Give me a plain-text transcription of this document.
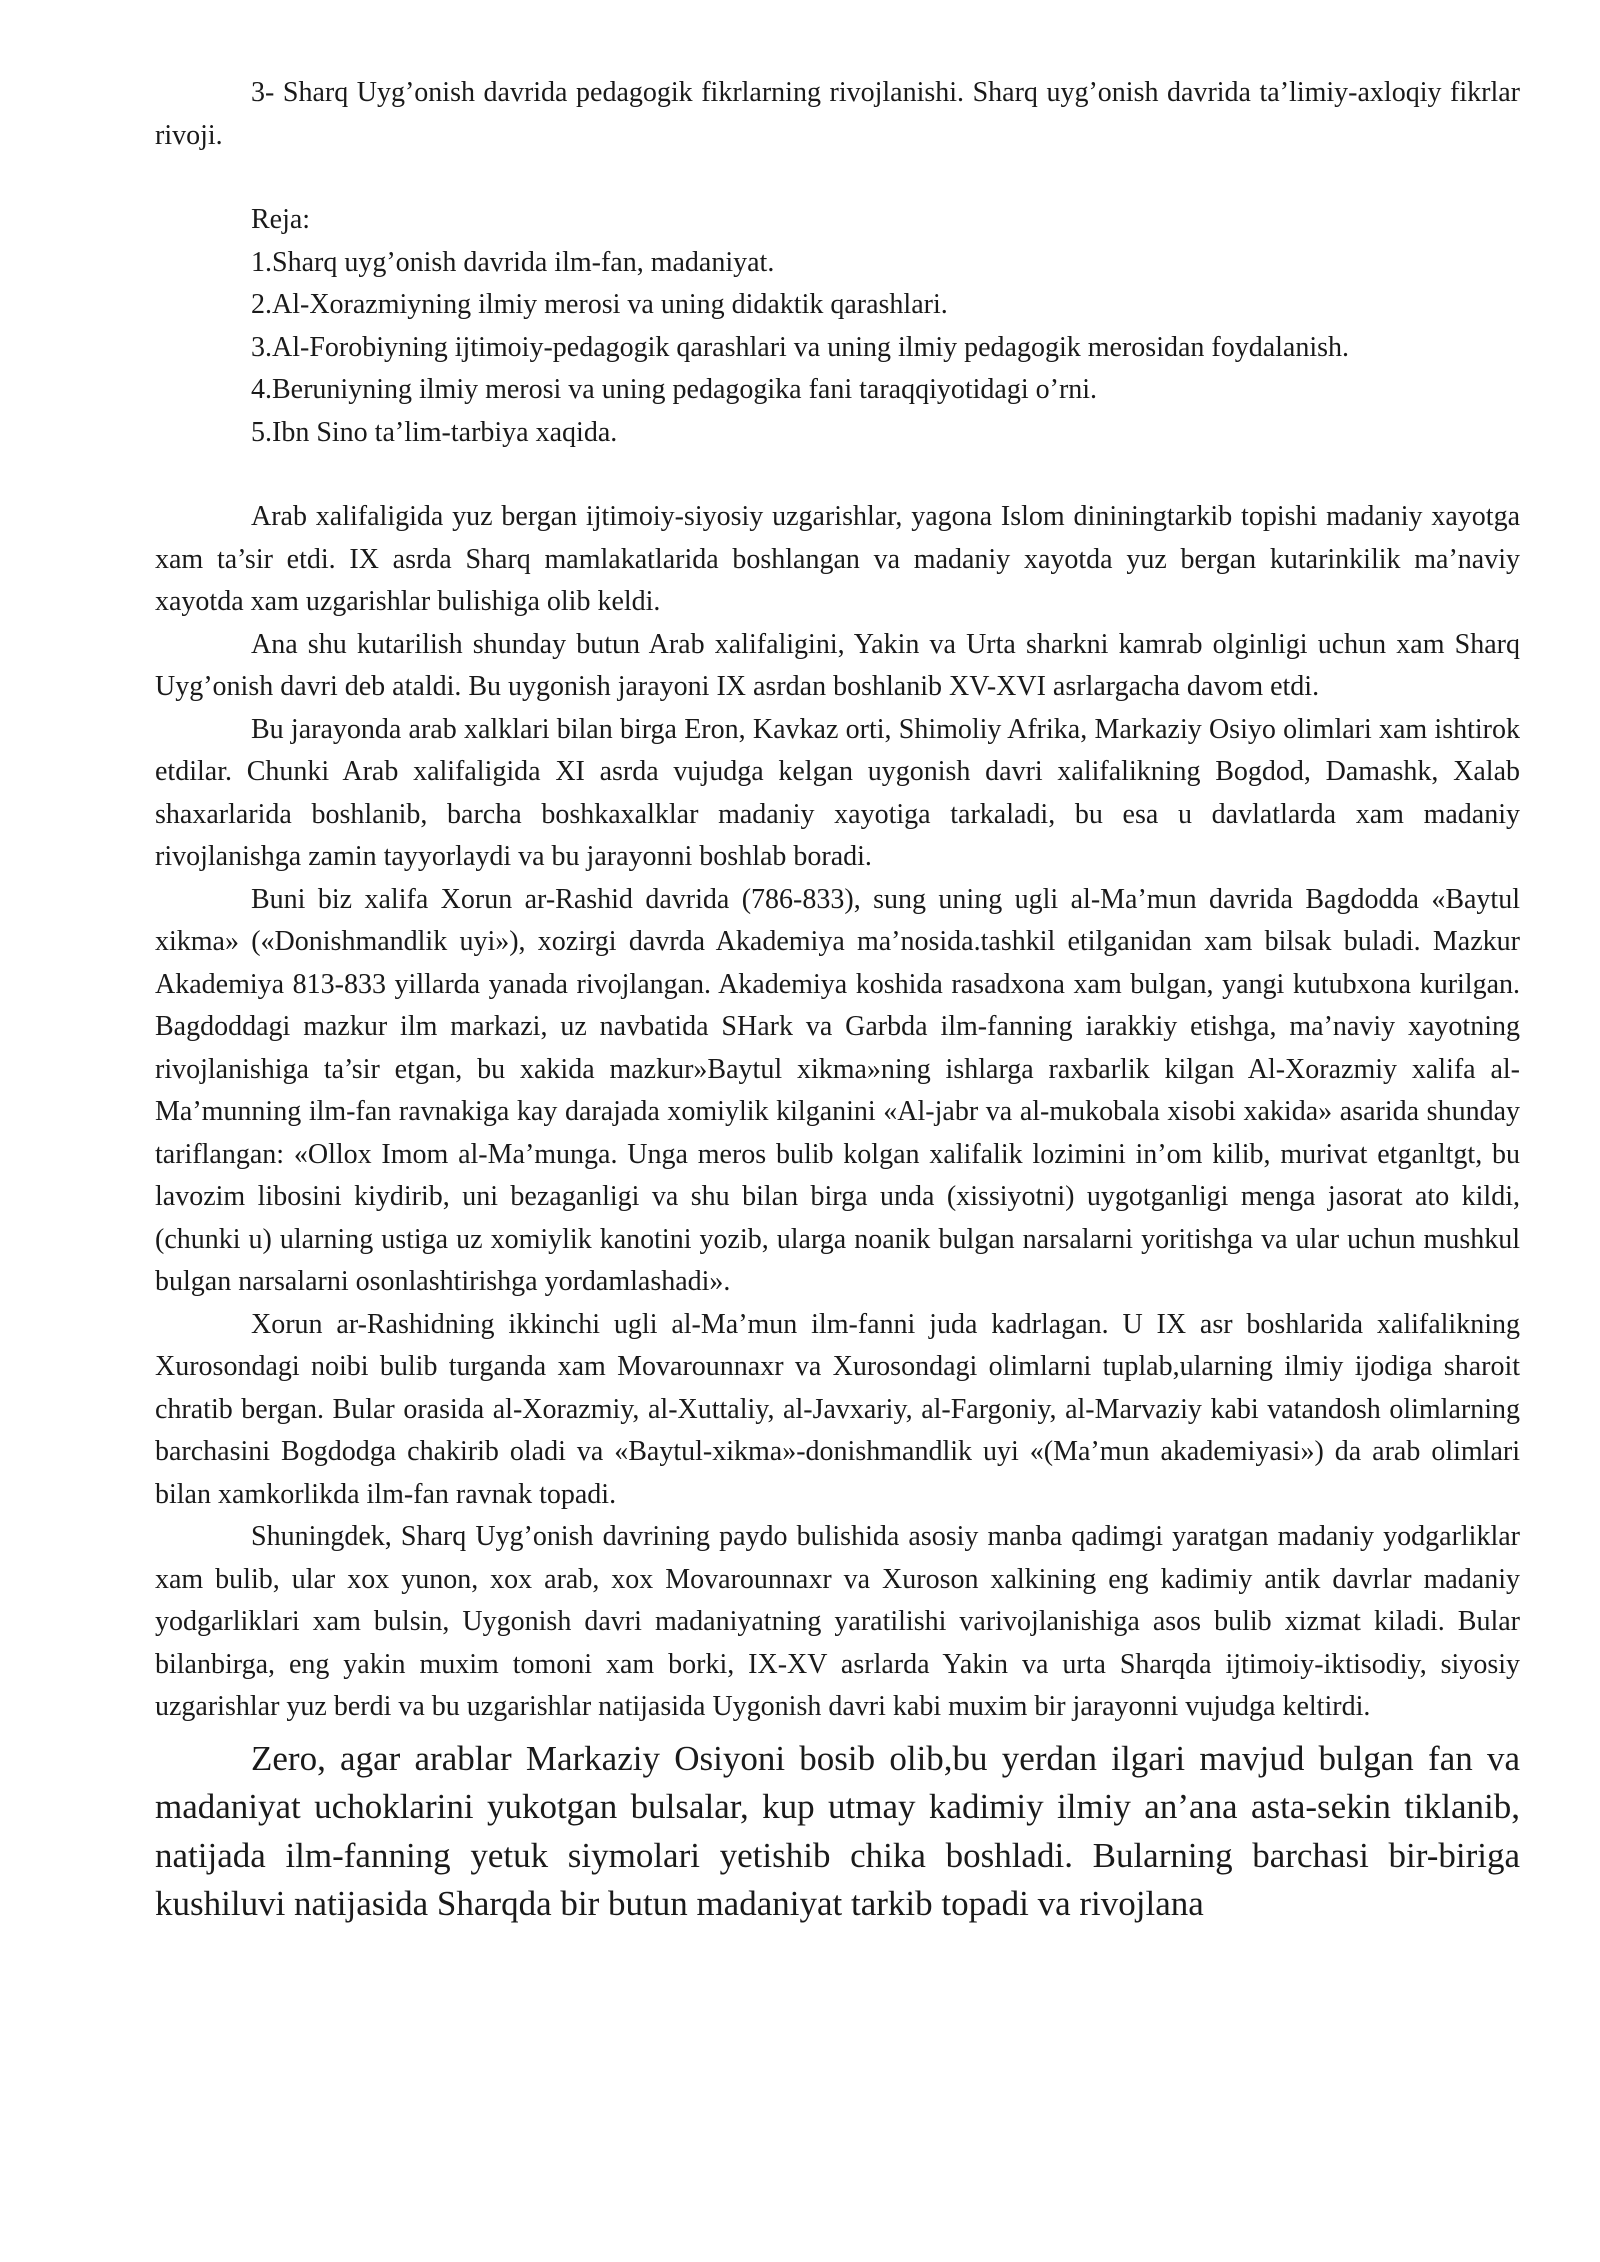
3- Sharq Uyg’onish davrida pedagogik fikrlarning rivojlanishi. Sharq uyg’onish davrida ta’limiy-axloqiy fikrlar rivoji.

Reja:

1.Sharq uyg’onish davrida ilm-fan, madaniyat.
2.Al-Xorazmiyning ilmiy merosi va uning didaktik qarashlari.
3.Al-Forobiyning ijtimoiy-pedagogik qarashlari va uning ilmiy pedagogik merosidan foydalanish.
4.Beruniyning ilmiy merosi va uning pedagogika fani taraqqiyotidagi o’rni.
5.Ibn Sino ta’lim-tarbiya xaqida.

Arab xalifaligida yuz bergan ijtimoiy-siyosiy uzgarishlar, yagona Islom dininingtarkib topishi madaniy xayotga xam ta’sir etdi. IX asrda Sharq mamlakatlarida boshlangan va madaniy xayotda yuz bergan kutarinkilik ma’naviy xayotda xam uzgarishlar bulishiga olib keldi.

Ana shu kutarilish shunday butun Arab xalifaligini, Yakin va Urta sharkni kamrab olginligi uchun xam Sharq Uyg’onish davri deb ataldi. Bu uygonish jarayoni IX asrdan boshlanib XV-XVI asrlargacha davom etdi.

Bu jarayonda arab xalklari bilan birga Eron, Kavkaz orti, Shimoliy Afrika, Markaziy Osiyo olimlari xam ishtirok etdilar. Chunki Arab xalifaligida XI asrda vujudga kelgan uygonish davri xalifalikning Bogdod, Damashk, Xalab shaxarlarida boshlanib, barcha boshkaxalklar madaniy xayotiga tarkaladi, bu esa u davlatlarda xam madaniy rivojlanishga zamin tayyorlaydi va bu jarayonni boshlab boradi.

Buni biz xalifa Xorun ar-Rashid davrida (786-833), sung uning ugli al-Ma’mun davrida Bagdodda «Baytul xikma» («Donishmandlik uyi»), xozirgi davrda Akademiya ma’nosida.tashkil etilganidan xam bilsak buladi. Mazkur Akademiya 813-833 yillarda yanada rivojlangan. Akademiya koshida rasadxona xam bulgan, yangi kutubxona kurilgan. Bagdoddagi mazkur ilm markazi, uz navbatida SHark va Garbda ilm-fanning iarakkiy etishga, ma’naviy xayotning rivojlanishiga ta’sir etgan, bu xakida mazkur»Baytul xikma»ning ishlarga raxbarlik kilgan Al-Xorazmiy xalifa al-Ma’munning ilm-fan ravnakiga kay darajada xomiylik kilganini «Al-jabr va al-mukobala xisobi xakida» asarida shunday tariflangan: «Ollox Imom al-Ma’munga. Unga meros bulib kolgan xalifalik lozimini in’om kilib, murivat etganltgt, bu lavozim libosini kiydirib, uni bezaganligi va shu bilan birga unda (xissiyotni) uygotganligi menga jasorat ato kildi, (chunki u) ularning ustiga uz xomiylik kanotini yozib, ularga noanik bulgan narsalarni yoritishga va ular uchun mushkul bulgan narsalarni osonlashtirishga yordamlashadi».

Xorun ar-Rashidning ikkinchi ugli al-Ma’mun ilm-fanni juda kadrlagan. U IX asr boshlarida xalifalikning Xurosondagi noibi bulib turganda xam Movarounnaxr va Xurosondagi olimlarni tuplab,ularning ilmiy ijodiga sharoit chratib bergan. Bular orasida al-Xorazmiy, al-Xuttaliy, al-Javxariy, al-Fargoniy, al-Marvaziy kabi vatandosh olimlarning barchasini Bogdodga chakirib oladi va «Baytul-xikma»-donishmandlik uyi «(Ma’mun akademiyasi») da arab olimlari bilan xamkorlikda ilm-fan ravnak topadi.

Shuningdek, Sharq Uyg’onish davrining paydo bulishida asosiy manba qadimgi yaratgan madaniy yodgarliklar xam bulib, ular xox yunon, xox arab, xox Movarounnaxr va Xuroson xalkining eng kadimiy antik davrlar madaniy yodgarliklari xam bulsin, Uygonish davri madaniyatning yaratilishi varivojlanishiga asos bulib xizmat kiladi. Bular bilanbirga, eng yakin muxim tomoni xam borki, IX-XV asrlarda Yakin va urta Sharqda ijtimoiy-iktisodiy, siyosiy uzgarishlar yuz berdi va bu uzgarishlar natijasida Uygonish davri kabi muxim bir jarayonni vujudga keltirdi.

Zero, agar arablar Markaziy Osiyoni bosib olib,bu yerdan ilgari mavjud bulgan fan va madaniyat uchoklarini yukotgan bulsalar, kup utmay kadimiy ilmiy an’ana asta-sekin tiklanib, natijada ilm-fanning yetuk siymolari yetishib chika boshladi. Bularning barchasi bir-biriga kushiluvi natijasida Sharqda bir butun madaniyat tarkib topadi va rivojlana
